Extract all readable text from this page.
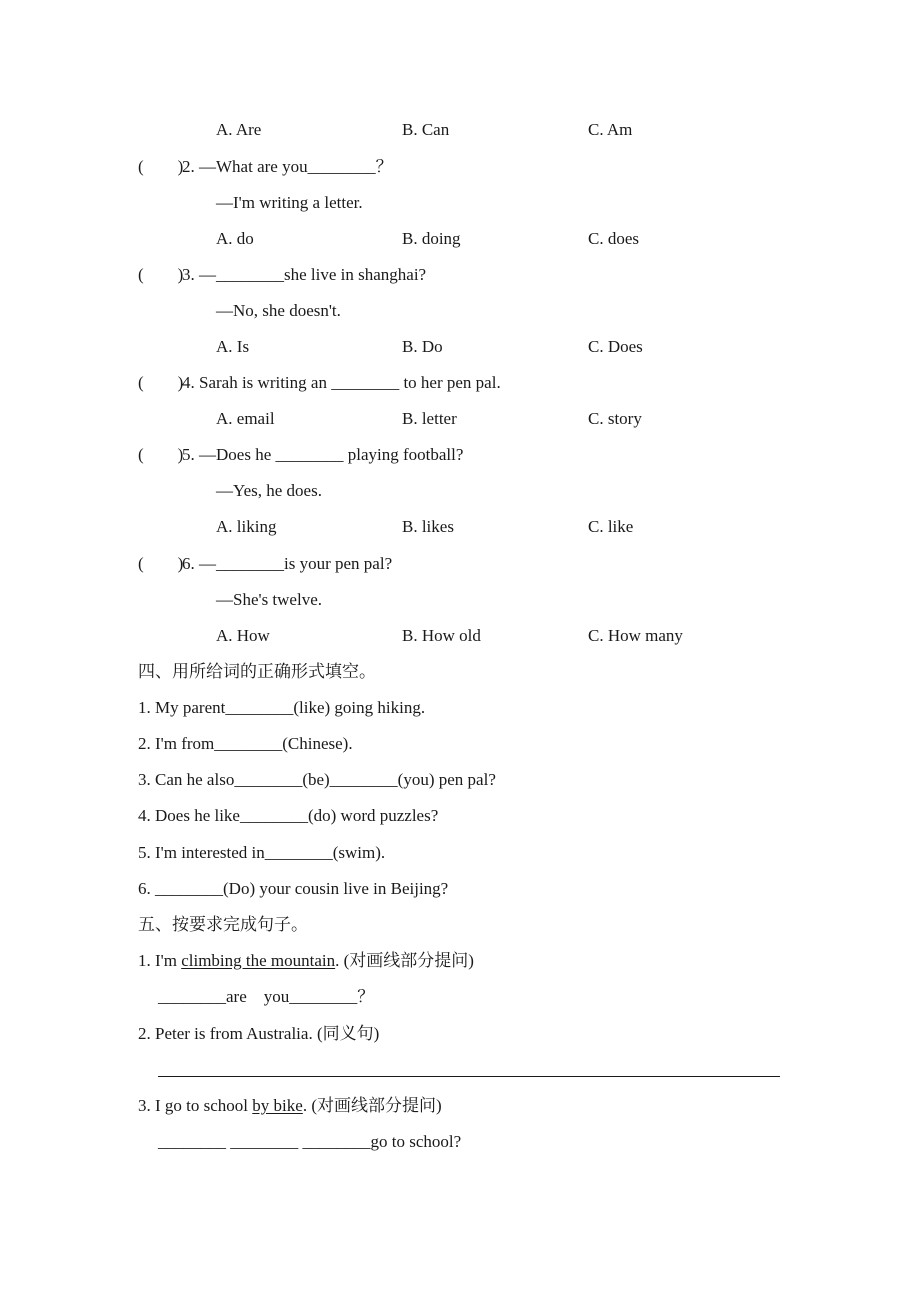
A. Are	B. Can	C. Am
(        )
2. —What are you________？
—I'm writing a letter.
A. do	B. doing	C. does
(        )
3. —________she live in shanghai?
—No, she doesn't.
A. Is	B. Do	C. Does
(        )
4. Sarah is writing an ________ to her pen pal.
A. email	B. letter	C. story
(        )
5. —Does he ________ playing football?
—Yes, he does.
A. liking	B. likes	C. like
(        )
6. —________is your pen pal?
—She's twelve.
A. How	B. How old	C. How many
四、用所给词的正确形式填空。
1. My parent________(like) going hiking.
2. I'm from________(Chinese).
3. Can he also________(be)________(you) pen pal?
4. Does he like________(do) word puzzles?
5. I'm interested in________(swim).
6. ________(Do) your cousin live in Beijing?
五、按要求完成句子。
1. I'm climbing the mountain. (对画线部分提问)
________are    you________？
2. Peter is from Australia. (同义句)
3. I go to school by bike. (对画线部分提问)
________ ________ ________go to school?
